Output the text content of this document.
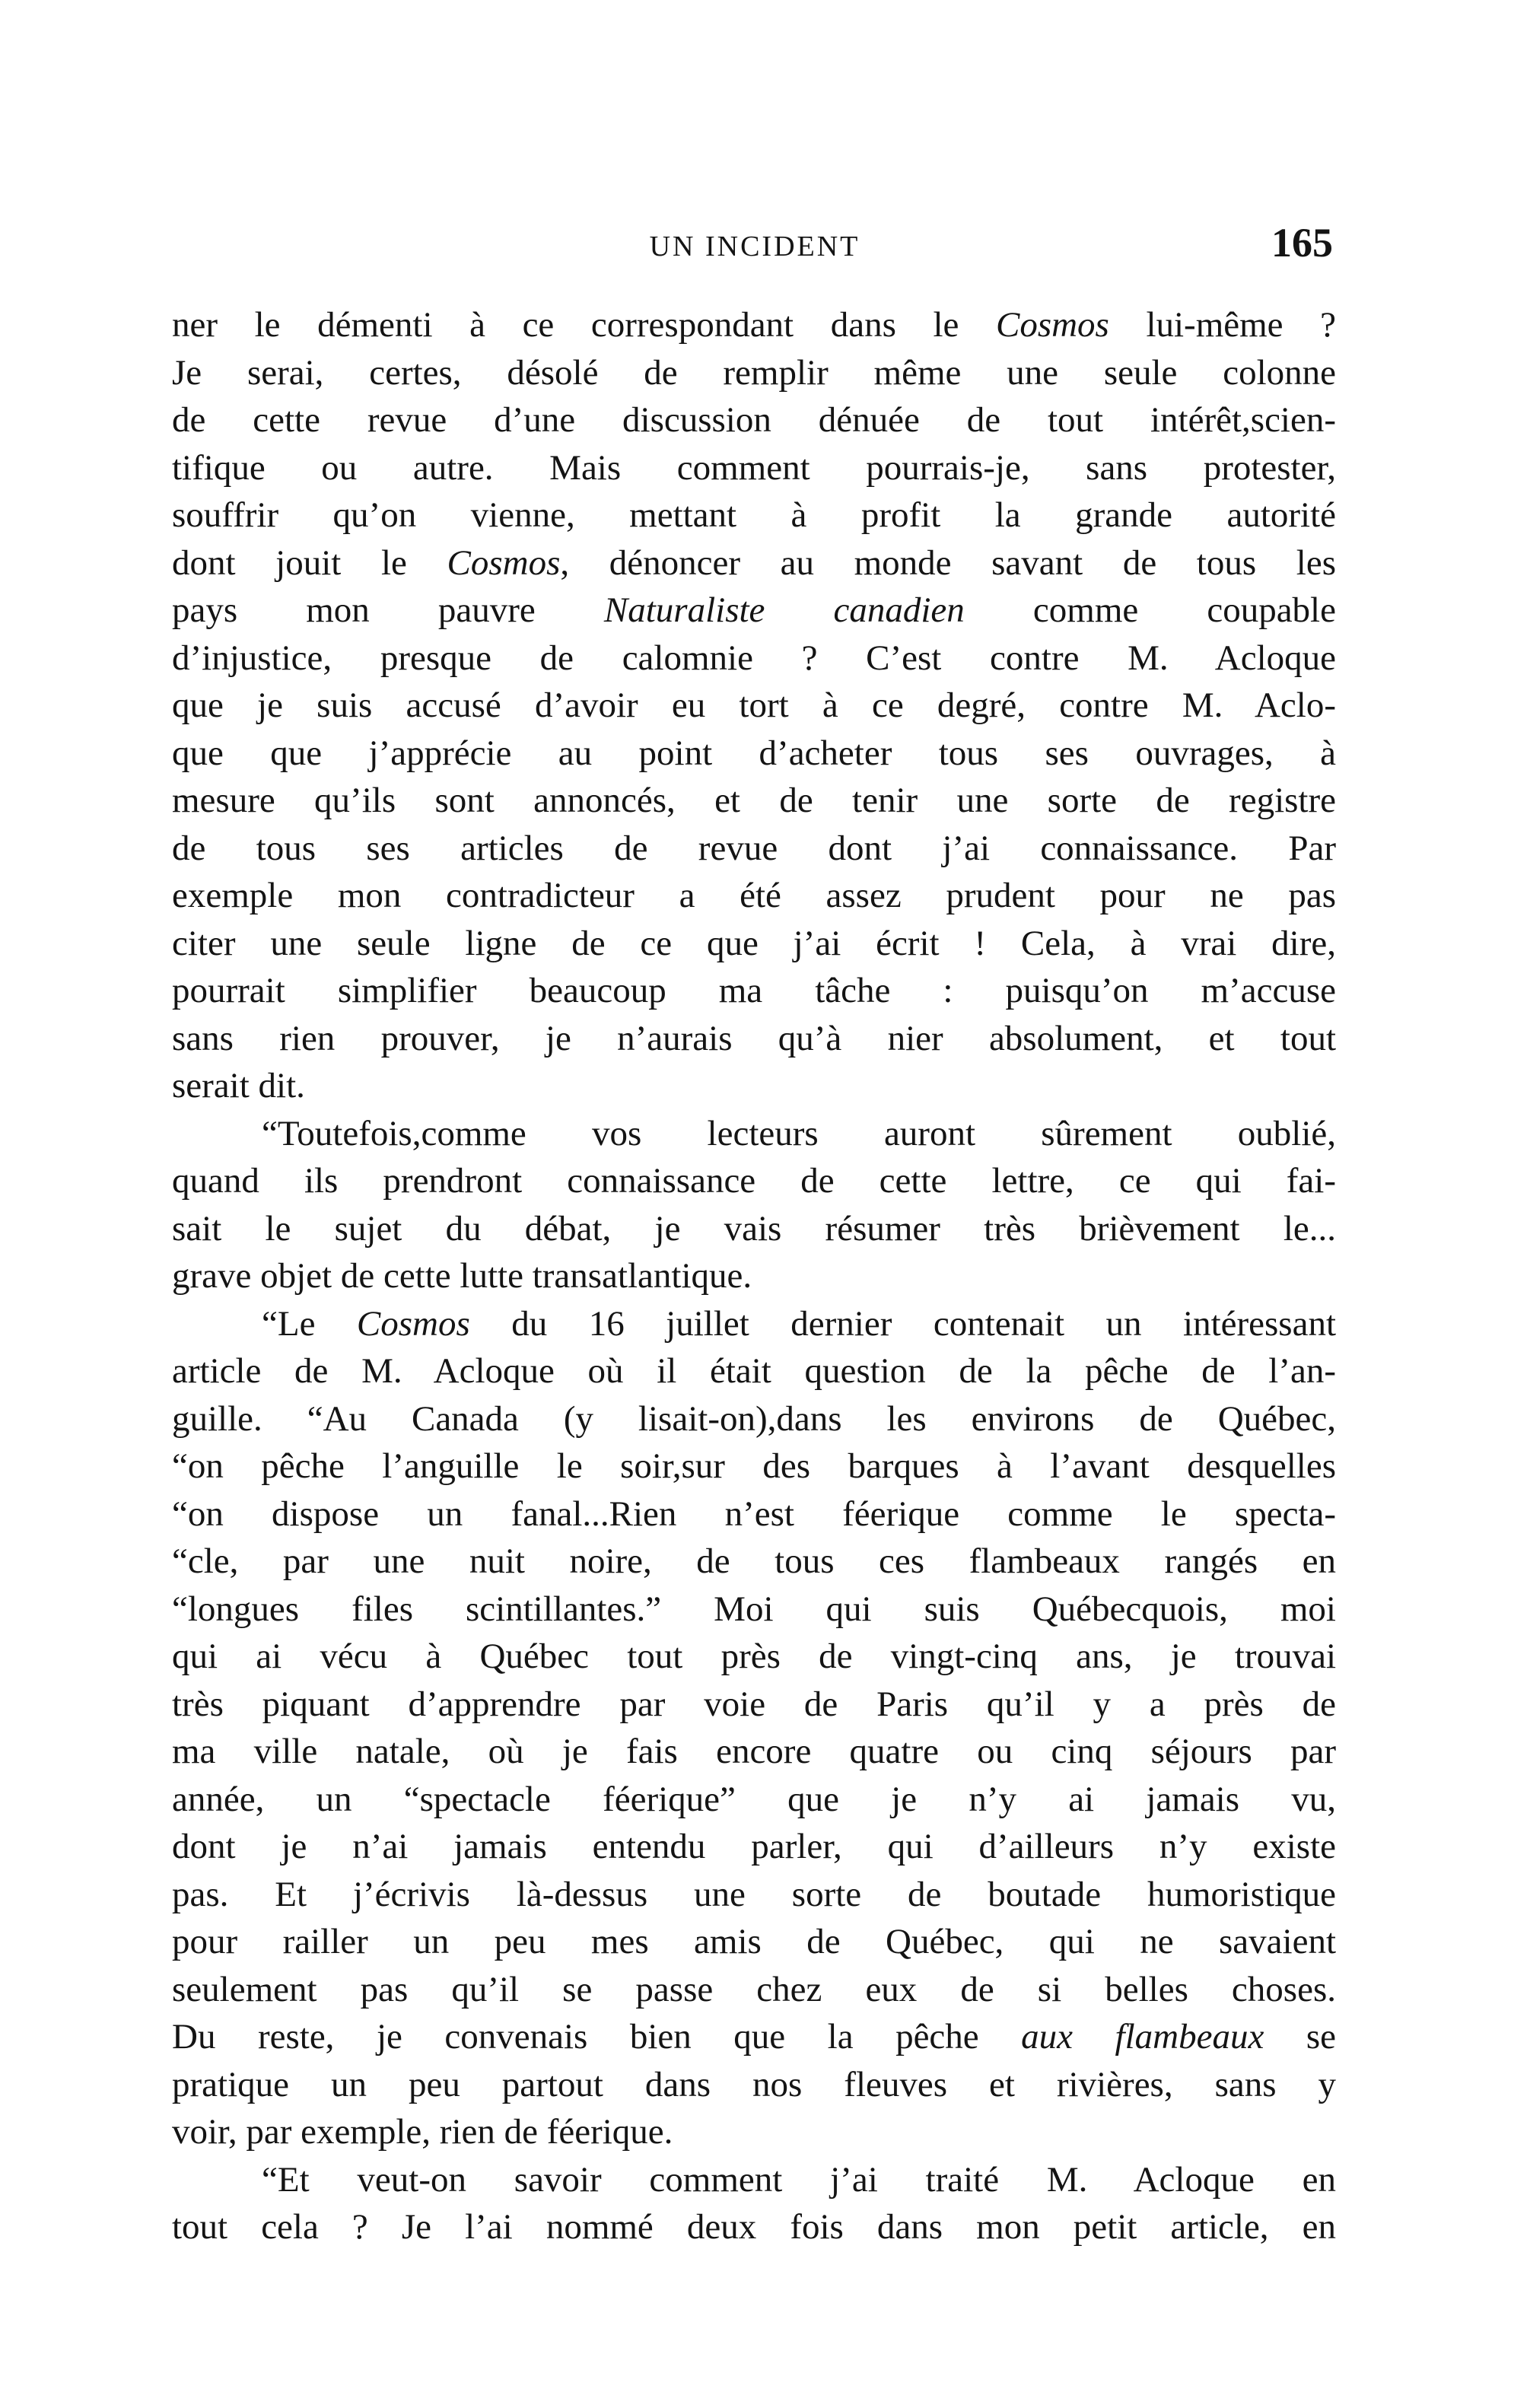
UN INCIDENT	165
ner le démenti à ce correspondant dans le Cosmos lui-même ?
Je serai, certes, désolé de remplir même une seule colonne
de cette revue d’une discussion dénuée de tout intérêt,scien-
tifique ou autre. Mais comment pourrais-je, sans protester,
souffrir qu’on vienne, mettant à profit la grande autorité
dont jouit le Cosmos, dénoncer au monde savant de tous les
pays mon pauvre Naturaliste canadien comme coupable
d’injustice, presque de calomnie ? C’est contre M. Acloque
que je suis accusé d’avoir eu tort à ce degré, contre M. Aclo-
que que j’apprécie au point d’acheter tous ses ouvrages, à
mesure qu’ils sont annoncés, et de tenir une sorte de registre
de tous ses articles de revue dont j’ai connaissance. Par
exemple mon contradicteur a été assez prudent pour ne pas
citer une seule ligne de ce que j’ai écrit ! Cela, à vrai dire,
pourrait simplifier beaucoup ma tâche : puisqu’on m’accuse
sans rien prouver, je n’aurais qu’à nier absolument, et tout
serait dit.
“Toutefois,comme vos lecteurs auront sûrement oublié,
quand ils prendront connaissance de cette lettre, ce qui fai-
sait le sujet du débat, je vais résumer très brièvement le...
grave objet de cette lutte transatlantique.
“Le Cosmos du 16 juillet dernier contenait un intéressant
article de M. Acloque où il était question de la pêche de l’an-
guille. “Au Canada (y lisait-on),dans les environs de Québec,
“on pêche l’anguille le soir,sur des barques à l’avant desquelles
“on dispose un fanal...Rien n’est féerique comme le specta-
“cle, par une nuit noire, de tous ces flambeaux rangés en
“longues files scintillantes.” Moi qui suis Québecquois, moi
qui ai vécu à Québec tout près de vingt-cinq ans, je trouvai
très piquant d’apprendre par voie de Paris qu’il y a près de
ma ville natale, où je fais encore quatre ou cinq séjours par
année, un “spectacle féerique” que je n’y ai jamais vu,
dont je n’ai jamais entendu parler, qui d’ailleurs n’y existe
pas. Et j’écrivis là-dessus une sorte de boutade humoristique
pour railler un peu mes amis de Québec, qui ne savaient
seulement pas qu’il se passe chez eux de si belles choses.
Du reste, je convenais bien que la pêche aux flambeaux se
pratique un peu partout dans nos fleuves et rivières, sans y
voir, par exemple, rien de féerique.
“Et veut-on savoir comment j’ai traité M. Acloque en
tout cela ? Je l’ai nommé deux fois dans mon petit article, en
